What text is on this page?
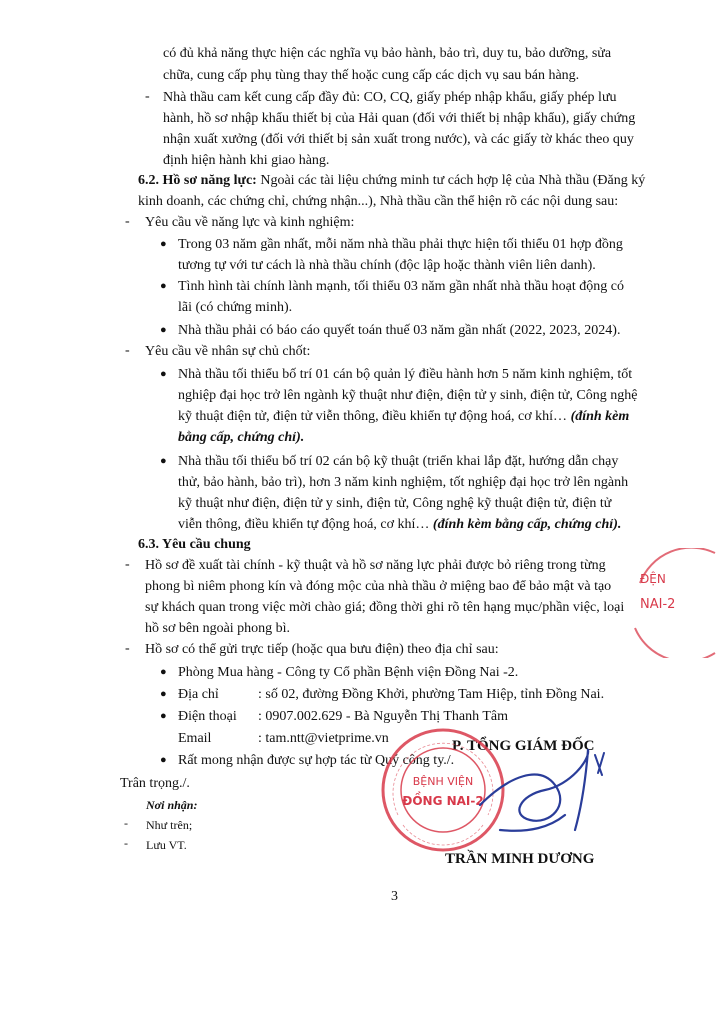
có đủ khả năng thực hiện các nghĩa vụ bảo hành, bảo trì, duy tu, bảo dưỡng, sửa
chữa, cung cấp phụ tùng thay thế hoặc cung cấp các dịch vụ sau bán hàng.
- Nhà thầu cam kết cung cấp đầy đủ: CO, CQ, giấy phép nhập khẩu, giấy phép lưu
hành, hồ sơ nhập khẩu thiết bị của Hải quan (đối với thiết bị nhập khẩu), giấy chứng
nhận xuất xưởng (đối với thiết bị sản xuất trong nước), và các giấy tờ khác theo quy
định hiện hành khi giao hàng.
6.2. Hồ sơ năng lực: Ngoài các tài liệu chứng minh tư cách hợp lệ của Nhà thầu (Đăng ký
kinh doanh, các chứng chỉ, chứng nhận...), Nhà thầu cần thể hiện rõ các nội dung sau:
- Yêu cầu về năng lực và kinh nghiệm:
● Trong 03 năm gần nhất, mỗi năm nhà thầu phải thực hiện tối thiểu 01 hợp đồng
tương tự với tư cách là nhà thầu chính (độc lập hoặc thành viên liên danh).
● Tình hình tài chính lành mạnh, tối thiểu 03 năm gần nhất nhà thầu hoạt động có
lãi (có chứng minh).
● Nhà thầu phải có báo cáo quyết toán thuế 03 năm gần nhất (2022, 2023, 2024).
- Yêu cầu về nhân sự chủ chốt:
● Nhà thầu tối thiểu bố trí 01 cán bộ quản lý điều hành hơn 5 năm kinh nghiệm, tốt
nghiệp đại học trở lên ngành kỹ thuật như điện, điện tử y sinh, điện tử, Công nghệ
kỹ thuật điện tử, điện tử viễn thông, điều khiển tự động hoá, cơ khí… (đính kèm
bằng cấp, chứng chỉ).
● Nhà thầu tối thiểu bố trí 02 cán bộ kỹ thuật (triển khai lắp đặt, hướng dẫn chạy
thử, bảo hành, bảo trì), hơn 3 năm kinh nghiệm, tốt nghiệp đại học trở lên ngành
kỹ thuật như điện, điện tử y sinh, điện tử, Công nghệ kỹ thuật điện tử, điện tử
viễn thông, điều khiển tự động hoá, cơ khí… (đính kèm bằng cấp, chứng chỉ).
6.3. Yêu cầu chung
- Hồ sơ đề xuất tài chính - kỹ thuật và hồ sơ năng lực phải được bỏ riêng trong từng
phong bì niêm phong kín và đóng mộc của nhà thầu ở miệng bao để bảo mật và tạo
sự khách quan trong việc mời chào giá; đồng thời ghi rõ tên hạng mục/phần việc, loại
hồ sơ bên ngoài phong bì.
- Hồ sơ có thể gửi trực tiếp (hoặc qua bưu điện) theo địa chỉ sau:
● Phòng Mua hàng - Công ty Cổ phần Bệnh viện Đồng Nai -2.
● Địa chỉ	: số 02, đường Đồng Khởi, phường Tam Hiệp, tỉnh Đồng Nai.
● Điện thoại : 0907.002.629 - Bà Nguyễn Thị Thanh Tâm
Email	: tam.ntt@vietprime.vn
● Rất mong nhận được sự hợp tác từ Quý công ty./.
Trân trọng./.
Nơi nhận:
- Như trên;
- Lưu VT.
ĐỆN
NAI-2
P. TỔNG GIÁM ĐỐC
BỆNH VIỆN
ĐỒNG NAI-2
TRẦN MINH DƯƠNG
3
